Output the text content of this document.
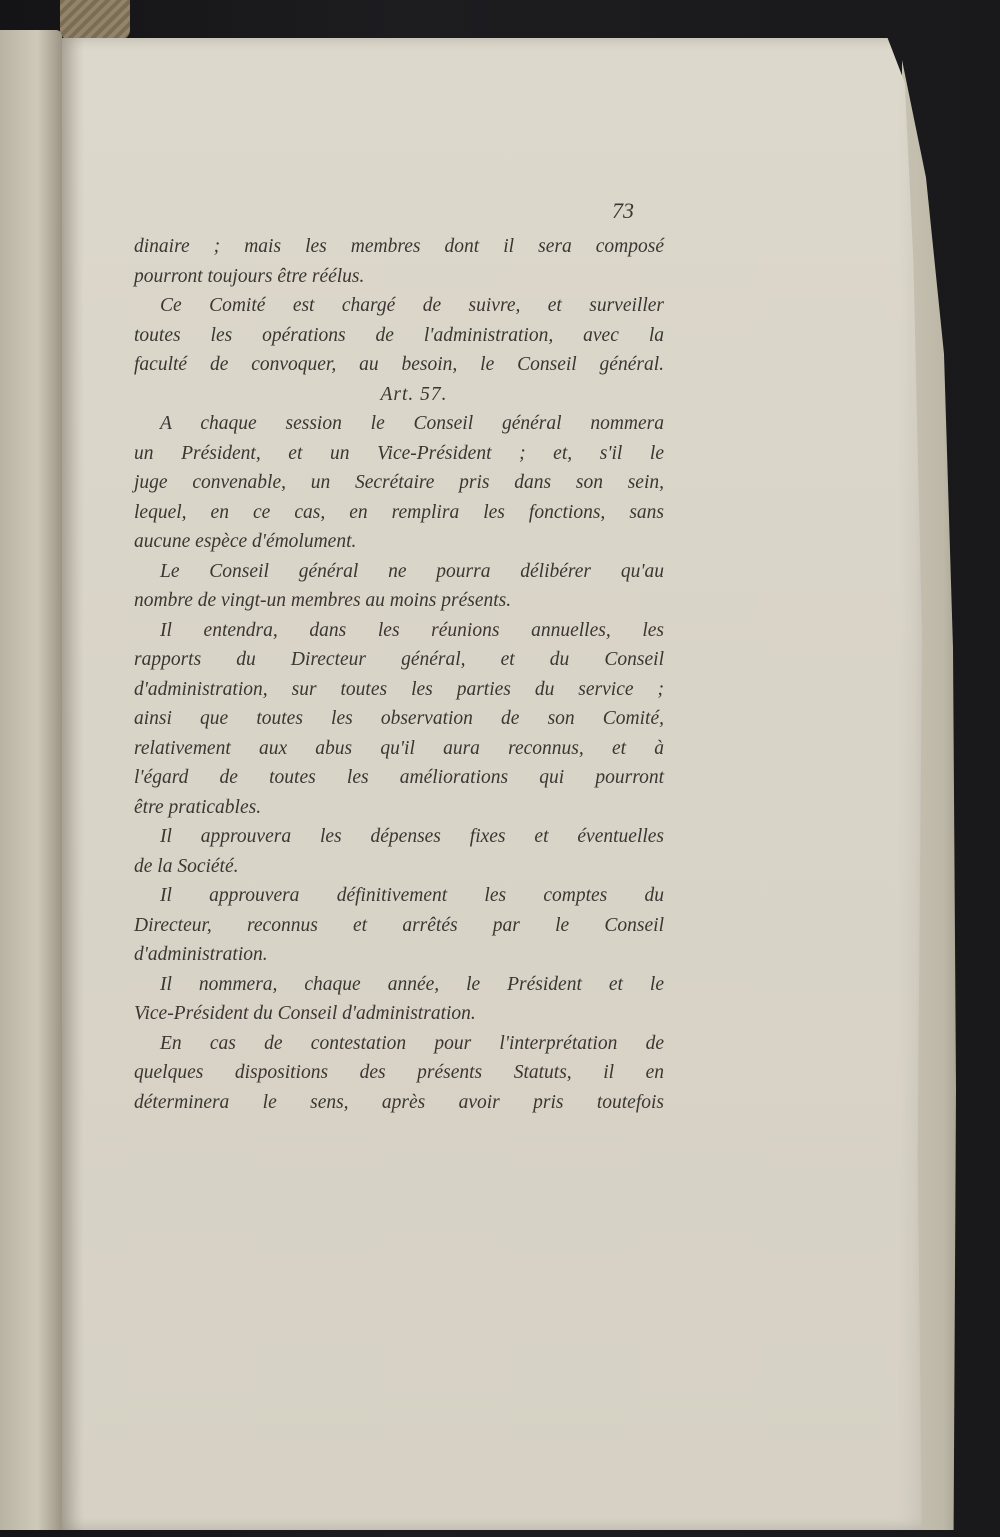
73
dinaire ; mais les membres dont il sera composé
pourront toujours être réélus.
Ce Comité est chargé de suivre, et surveiller
toutes les opérations de l'administration, avec la
faculté de convoquer, au besoin, le Conseil général.
Art. 57.
A chaque session le Conseil général nommera
un Président, et un Vice-Président ; et, s'il le
juge convenable, un Secrétaire pris dans son sein,
lequel, en ce cas, en remplira les fonctions, sans
aucune espèce d'émolument.
Le Conseil général ne pourra délibérer qu'au
nombre de vingt-un membres au moins présents.
Il entendra, dans les réunions annuelles, les
rapports du Directeur général, et du Conseil
d'administration, sur toutes les parties du service ;
ainsi que toutes les observation de son Comité,
relativement aux abus qu'il aura reconnus, et à
l'égard de toutes les améliorations qui pourront
être praticables.
Il approuvera les dépenses fixes et éventuelles
de la Société.
Il approuvera définitivement les comptes du
Directeur, reconnus et arrêtés par le Conseil
d'administration.
Il nommera, chaque année, le Président et le
Vice-Président du Conseil d'administration.
En cas de contestation pour l'interprétation de
quelques dispositions des présents Statuts, il en
déterminera le sens, après avoir pris toutefois
